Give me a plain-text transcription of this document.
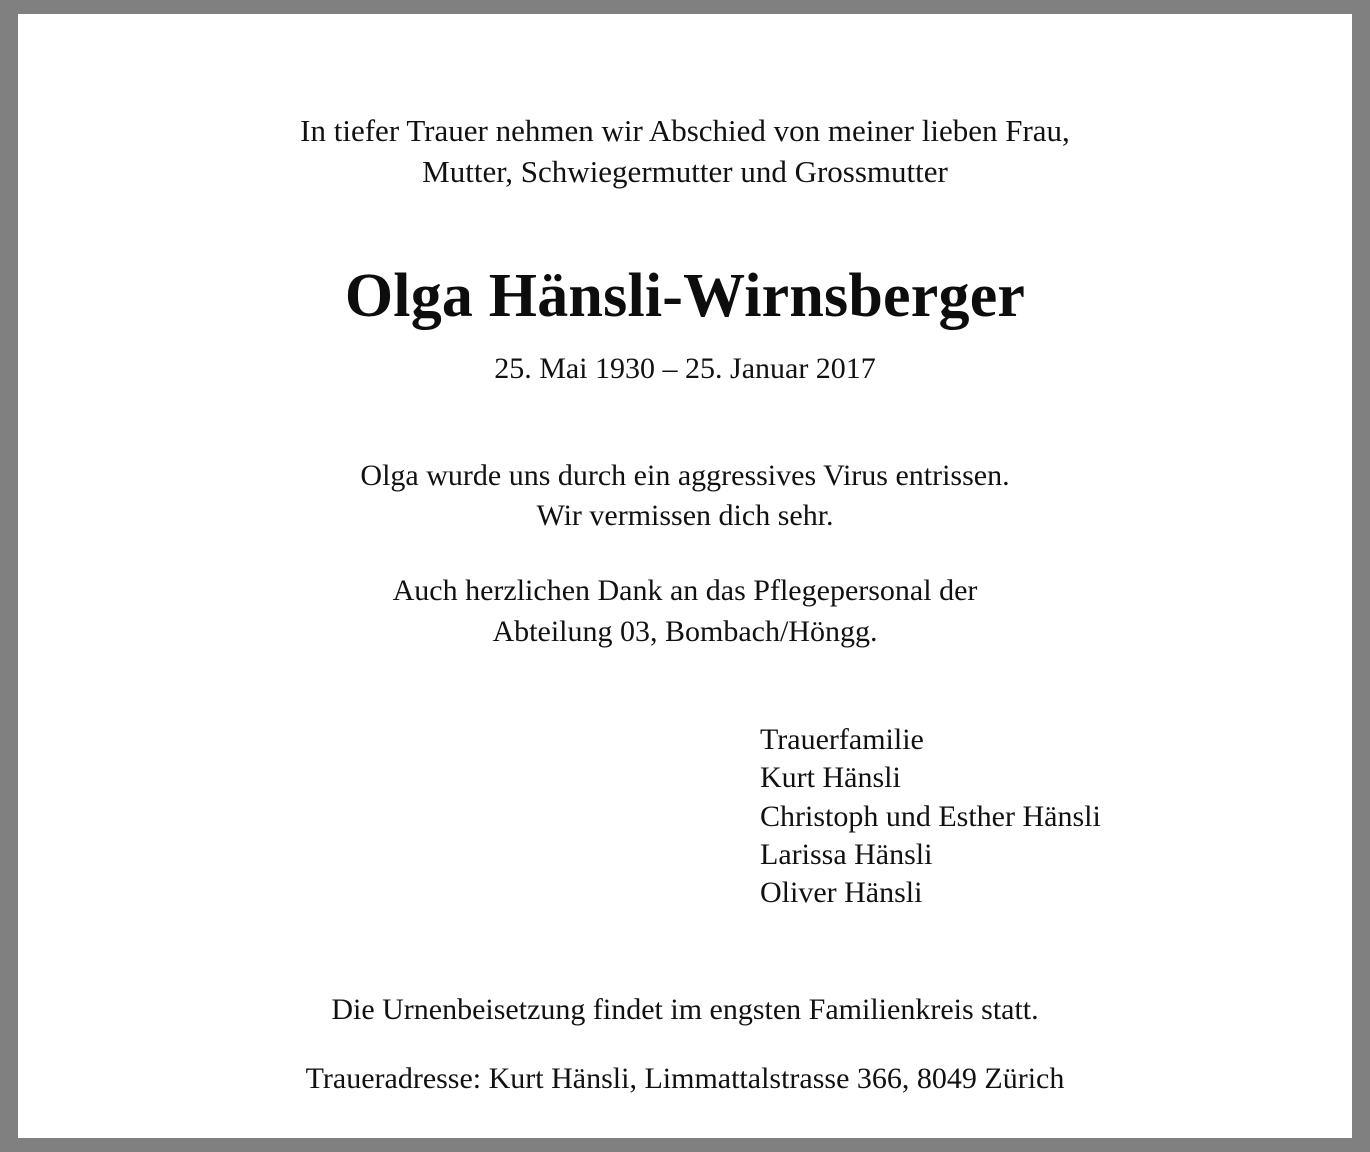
In tiefer Trauer nehmen wir Abschied von meiner lieben Frau,
Mutter, Schwiegermutter und Grossmutter
Olga Hänsli-Wirnsberger
25. Mai 1930 – 25. Januar 2017
Olga wurde uns durch ein aggressives Virus entrissen.
Wir vermissen dich sehr.
Auch herzlichen Dank an das Pflegepersonal der
Abteilung 03, Bombach/Höngg.
Trauerfamilie
Kurt Hänsli
Christoph und Esther Hänsli
Larissa Hänsli
Oliver Hänsli
Die Urnenbeisetzung findet im engsten Familienkreis statt.
Traueradresse: Kurt Hänsli, Limmattalstrasse 366, 8049 Zürich
